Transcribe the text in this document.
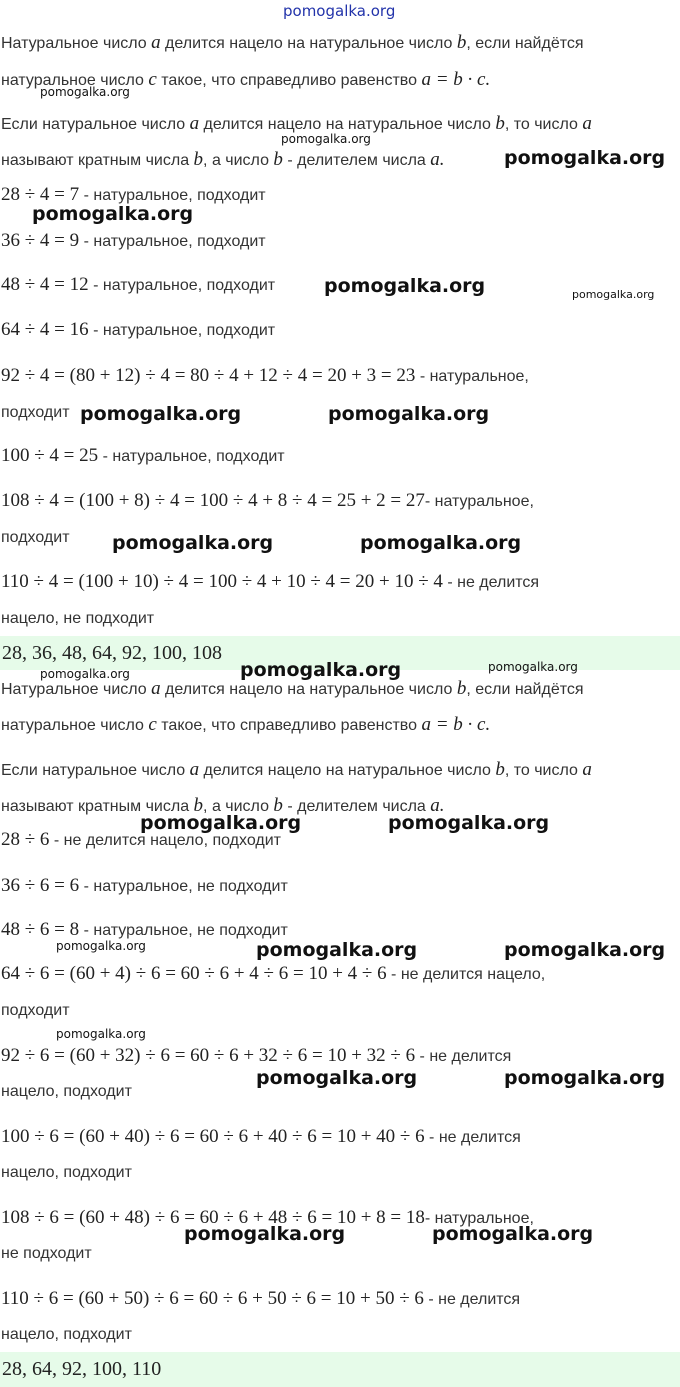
pomogalka.org
Натуральное число a делится нацело на натуральное число b, если найдётся
натуральное число c такое, что справедливо равенство a = b · c.
Если натуральное число a делится нацело на натуральное число b, то число a
называют кратным числа b, а число b - делителем числа a.
28 ÷ 4 = 7 - натуральное, подходит
36 ÷ 4 = 9 - натуральное, подходит
48 ÷ 4 = 12 - натуральное, подходит
64 ÷ 4 = 16 - натуральное, подходит
92 ÷ 4 = (80 + 12) ÷ 4 = 80 ÷ 4 + 12 ÷ 4 = 20 + 3 = 23 - натуральное,
подходит
100 ÷ 4 = 25 - натуральное, подходит
108 ÷ 4 = (100 + 8) ÷ 4 = 100 ÷ 4 + 8 ÷ 4 = 25 + 2 = 27- натуральное,
подходит
110 ÷ 4 = (100 + 10) ÷ 4 = 100 ÷ 4 + 10 ÷ 4 = 20 + 10 ÷ 4 - не делится
нацело, не подходит
28, 36, 48, 64, 92, 100, 108
Натуральное число a делится нацело на натуральное число b, если найдётся
натуральное число c такое, что справедливо равенство a = b · c.
Если натуральное число a делится нацело на натуральное число b, то число a
называют кратным числа b, а число b - делителем числа a.
28 ÷ 6 - не делится нацело, подходит
36 ÷ 6 = 6 - натуральное, не подходит
48 ÷ 6 = 8 - натуральное, не подходит
64 ÷ 6 = (60 + 4) ÷ 6 = 60 ÷ 6 + 4 ÷ 6 = 10 + 4 ÷ 6 - не делится нацело,
подходит
92 ÷ 6 = (60 + 32) ÷ 6 = 60 ÷ 6 + 32 ÷ 6 = 10 + 32 ÷ 6 - не делится
нацело, подходит
100 ÷ 6 = (60 + 40) ÷ 6 = 60 ÷ 6 + 40 ÷ 6 = 10 + 40 ÷ 6 - не делится
нацело, подходит
108 ÷ 6 = (60 + 48) ÷ 6 = 60 ÷ 6 + 48 ÷ 6 = 10 + 8 = 18- натуральное,
не подходит
110 ÷ 6 = (60 + 50) ÷ 6 = 60 ÷ 6 + 50 ÷ 6 = 10 + 50 ÷ 6 - не делится
нацело, подходит
28, 64, 92, 100, 110
pomogalka.org
pomogalka.org
pomogalka.org
pomogalka.org
pomogalka.org	pomogalka.org
pomogalka.org	pomogalka.org
pomogalka.org	pomogalka.org
pomogalka.org	pomogalka.org	pomogalka.org
pomogalka.org	pomogalka.org
pomogalka.org	pomogalka.org	pomogalka.org
pomogalka.org
pomogalka.org	pomogalka.org
pomogalka.org	pomogalka.org
